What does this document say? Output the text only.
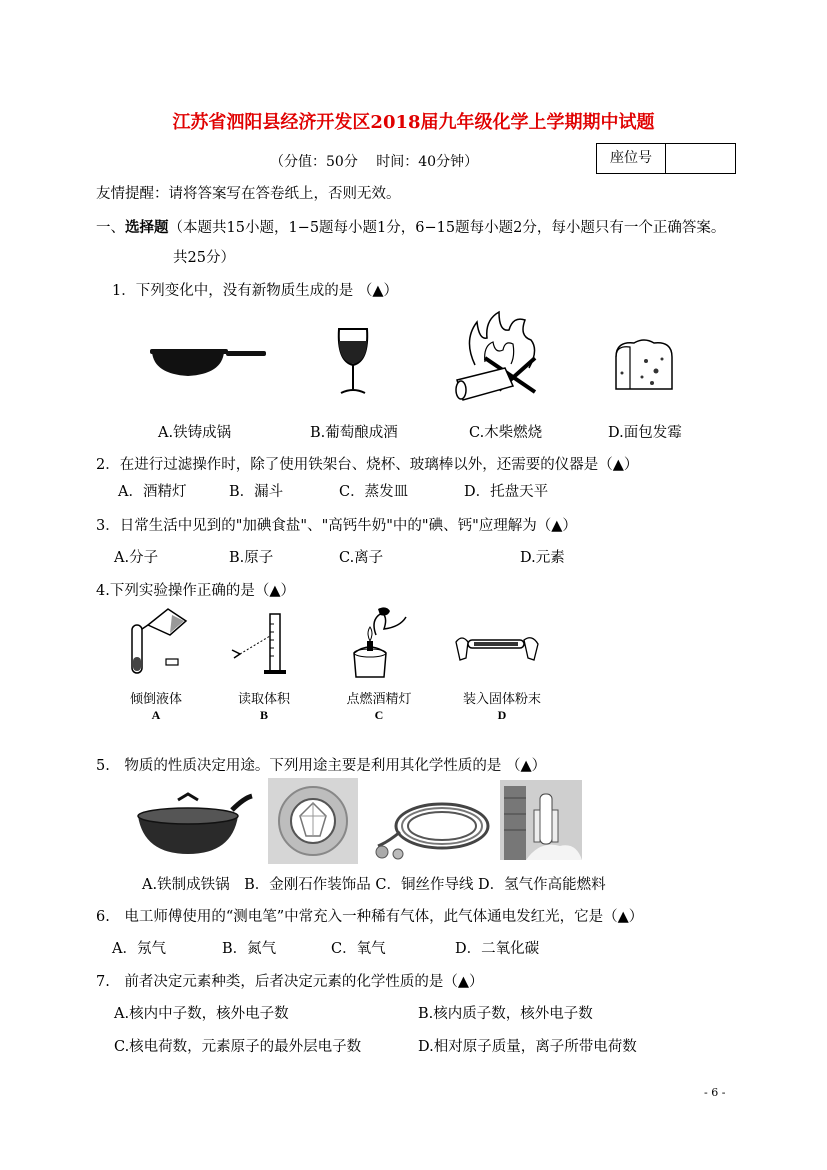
江苏省泗阳县经济开发区2018届九年级化学上学期期中试题
（分值：50分　 时间：40分钟）	座位号
友情提醒：请将答案写在答卷纸上，否则无效。
一、选择题（本题共15小题，1−5题每小题1分，6−15题每小题2分，每小题只有一个正确答案。
共25分）
1．下列变化中，没有新物质生成的是 （▲）
A.铁铸成锅	B.葡萄酿成酒	C.木柴燃烧	D.面包发霉
2．在进行过滤操作时，除了使用铁架台、烧杯、玻璃棒以外，还需要的仪器是（▲）
A．酒精灯	B．漏斗	C．蒸发皿	D．托盘天平
3．日常生活中见到的"加碘食盐"、"高钙牛奶"中的"碘、钙"应理解为（▲）
A.分子	B.原子	C.离子	D.元素
4.下列实验操作正确的是（▲）
倾倒液体	读取体积	点燃酒精灯	装入固体粉末
A	B	C	D
5.　物质的性质决定用途。下列用途主要是利用其化学性质的是 （▲）
A.铁制成铁锅　B．金刚石作装饰品 C．铜丝作导线 D．氢气作高能燃料
6.　电工师傅使用的“测电笔”中常充入一种稀有气体，此气体通电发红光，它是（▲）
A．氖气	B．氮气	C．氧气	D．二氧化碳
7.　前者决定元素种类，后者决定元素的化学性质的是（▲）
A.核内中子数，核外电子数	B.核内质子数，核外电子数
C.核电荷数，元素原子的最外层电子数	D.相对原子质量，离子所带电荷数
- 6 -
